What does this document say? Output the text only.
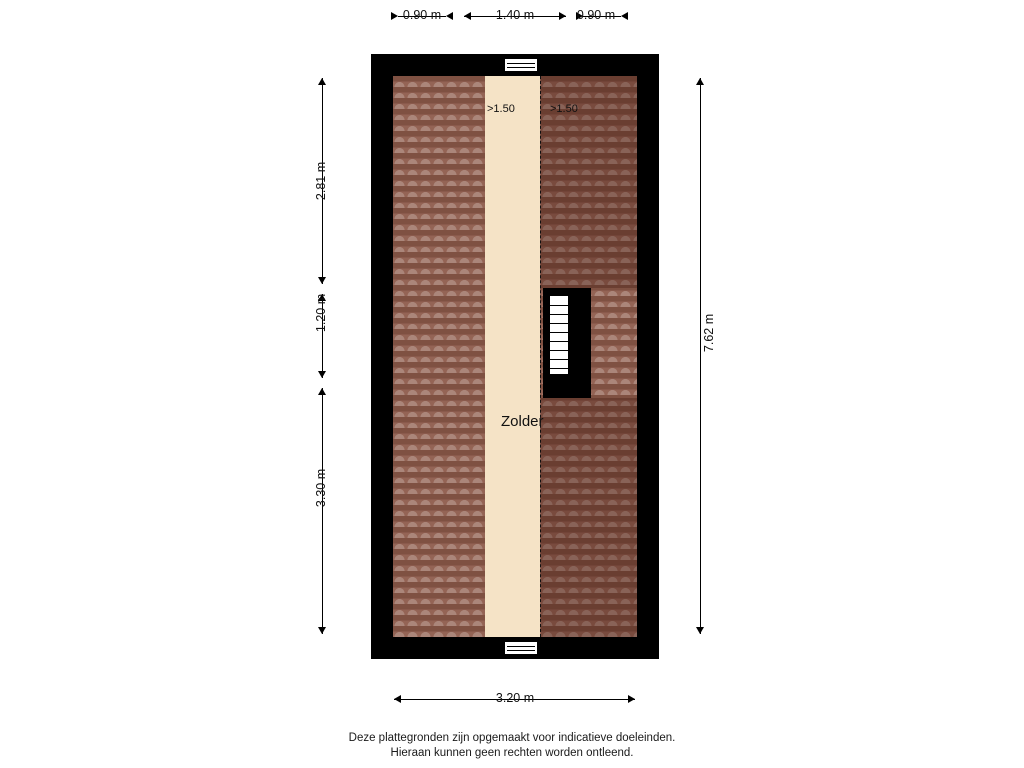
0.90 m	1.40 m	0.90 m
2.81 m
1.20 m
3.30 m
7.62 m
3.20 m
>1.50	>1.50
Zolder
Deze plattegronden zijn opgemaakt voor indicatieve doeleinden.
Hieraan kunnen geen rechten worden ontleend.
